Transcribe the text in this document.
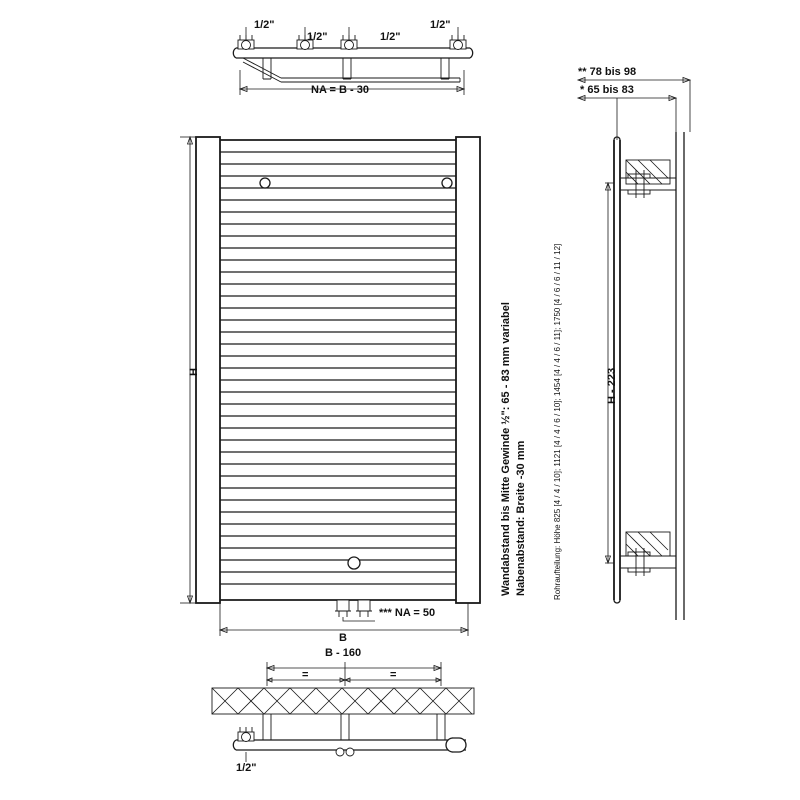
1/2"
1/2"	1/2"
1/2"
NA = B - 30
H
B
*** NA = 50
** 78 bis 98
* 65 bis 83
H - 223
B - 160
=	=
1/2"
Wandabstand bis Mitte Gewinde ½": 65 - 83 mm variabel Nabenabstand: Breite -30 mm	Rohraufteilung: Höhe 825 [4 / 4 / 10]; 1121 [4 / 4 / 6 / 10]; 1454 [4 / 4 / 6 / 11]; 1750 [4 / 6 / 6 / 11 / 12]
